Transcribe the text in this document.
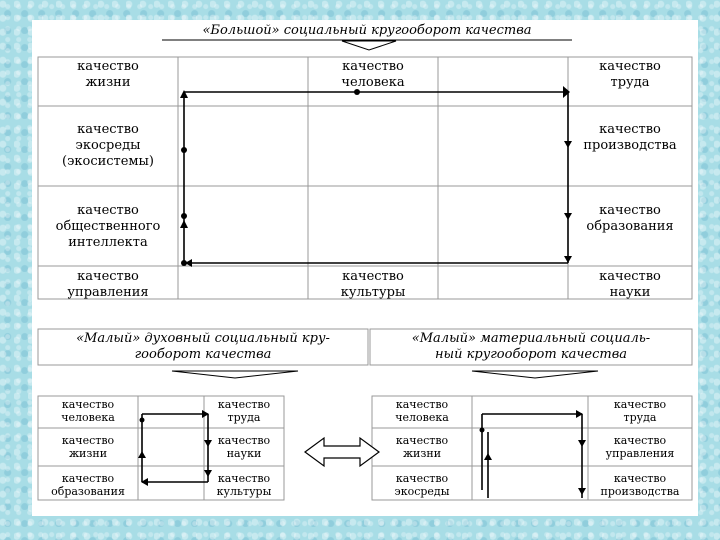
«Большой» социальный кругооборот качества
качество
жизни
качество
человека
качество
труда
качество
экосреды
(экосистемы)
качество
производства
качество
общественного
интеллекта
качество
образования
качество
управления
качество
культуры
качество
науки
«Малый» духовный социальный кру-
гооборот качества
«Малый» материальный социаль-
ный кругооборот качества
качество
человека
качество
труда
качество
жизни
качество
науки
качество
образования
качество
культуры
качество
человека
качество
труда
качество
жизни
качество
управления
качество
экосреды
качество
производства
